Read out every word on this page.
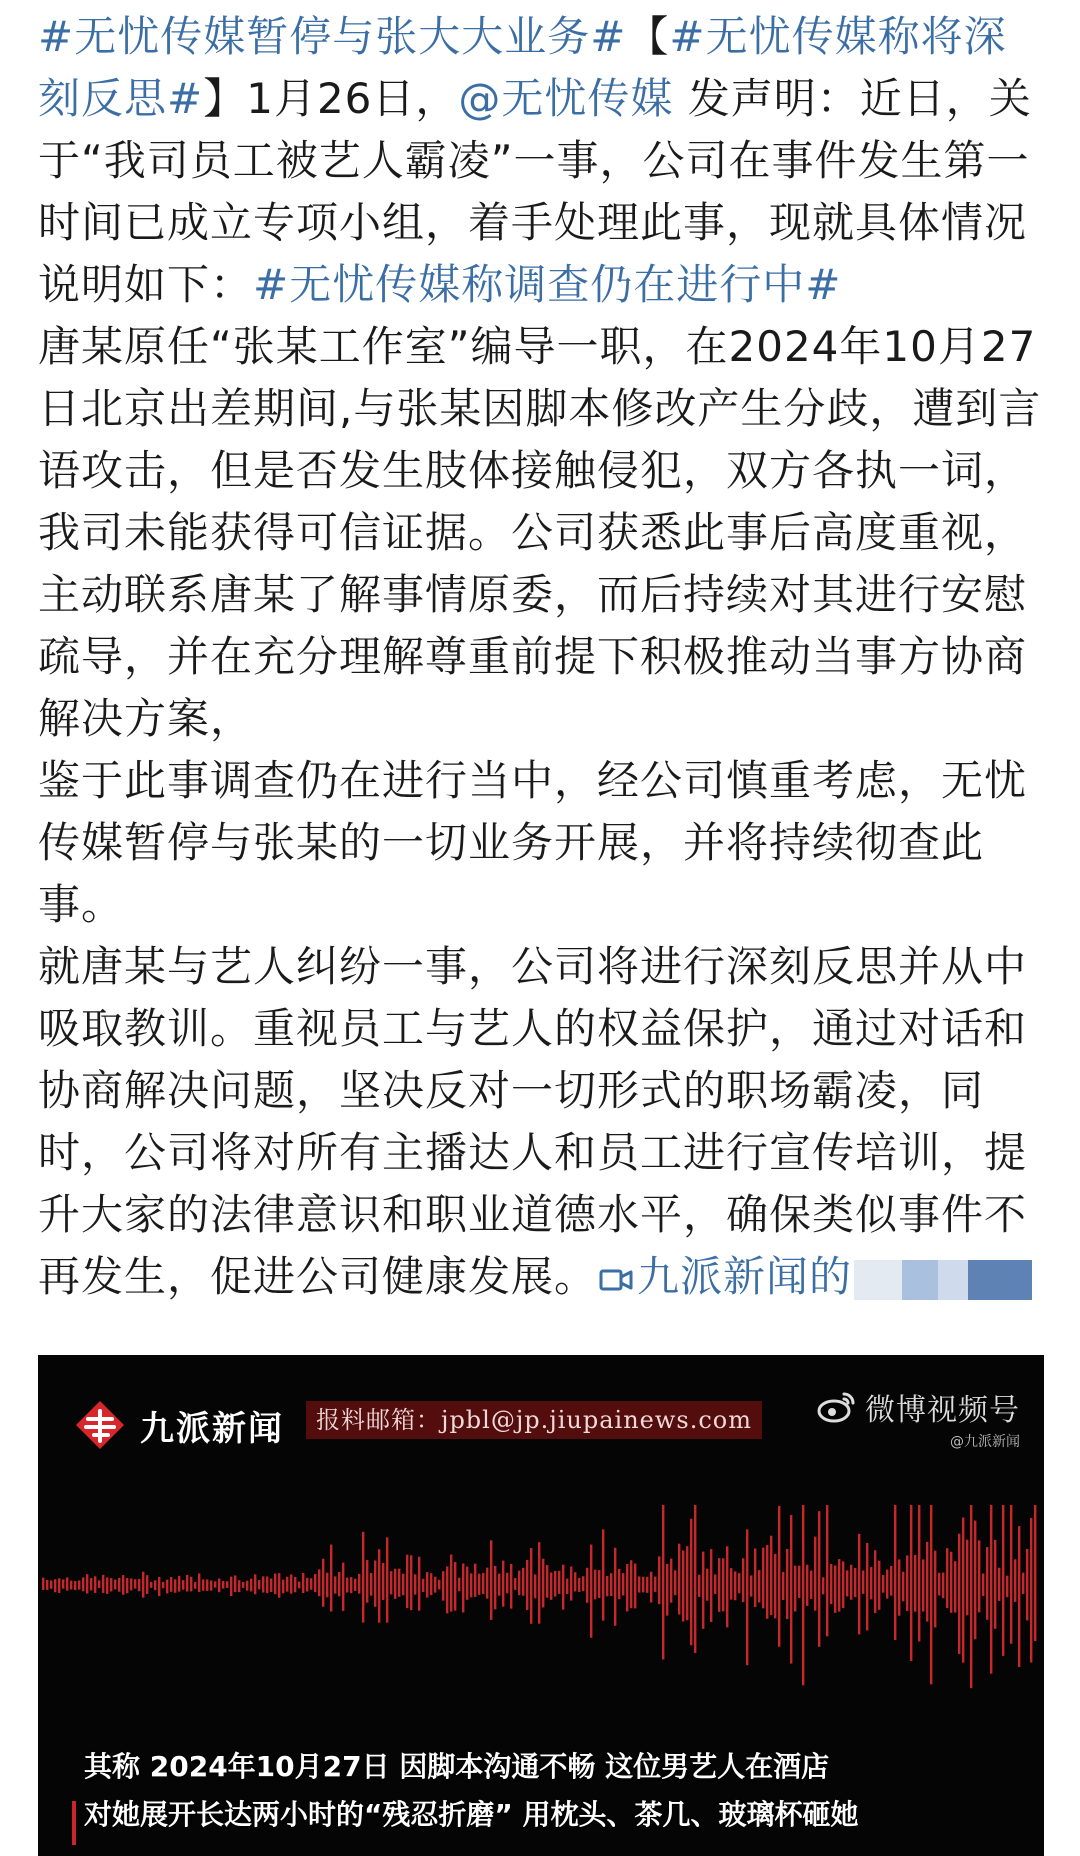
#无忧传媒暂停与张大大业务#【#无忧传媒称将深刻反思#】1月26日，@无忧传媒 发声明：近日，关于“我司员工被艺人霸凌”一事，公司在事件发生第一时间已成立专项小组，着手处理此事，现就具体情况说明如下：#无忧传媒称调查仍在进行中#

唐某原任“张某工作室”编导一职，在2024年10月27日北京出差期间,与张某因脚本修改产生分歧，遭到言语攻击，但是否发生肢体接触侵犯，双方各执一词，我司未能获得可信证据。公司获悉此事后高度重视，主动联系唐某了解事情原委，而后持续对其进行安慰疏导，并在充分理解尊重前提下积极推动当事方协商解决方案，

鉴于此事调查仍在进行当中，经公司慎重考虑，无忧传媒暂停与张某的一切业务开展，并将持续彻查此事。

就唐某与艺人纠纷一事，公司将进行深刻反思并从中吸取教训。重视员工与艺人的权益保护，通过对话和协商解决问题，坚决反对一切形式的职场霸凌，同时，公司将对所有主播达人和员工进行宣传培训，提升大家的法律意识和职业道德水平，确保类似事件不再发生，促进公司健康发展。 九派新闻的

九派新闻	报料邮箱：jpbl@jp.jiupainews.com	微博视频号
@九派新闻
其称 2024年10月27日 因脚本沟通不畅 这位男艺人在酒店
对她展开长达两小时的“残忍折磨” 用枕头、茶几、玻璃杯砸她
